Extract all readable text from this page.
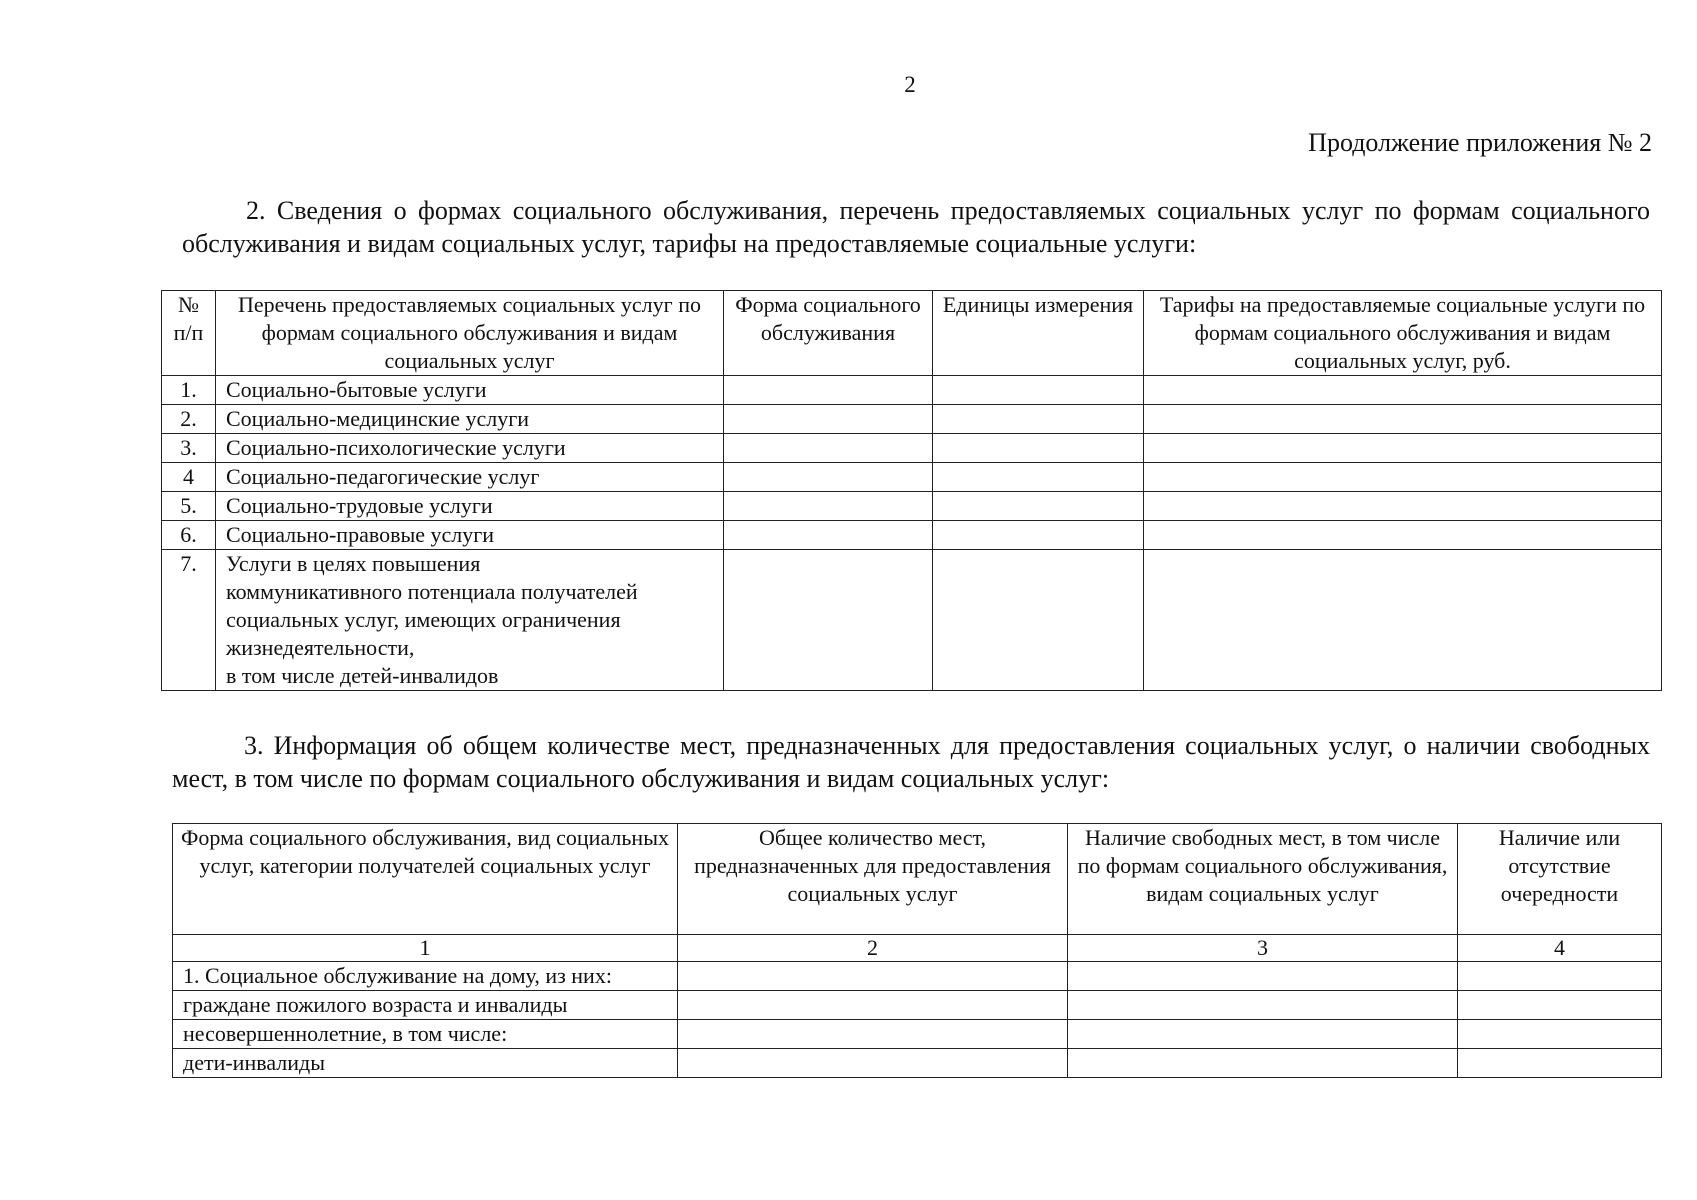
2
Продолжение приложения № 2
2. Сведения о формах социального обслуживания, перечень предоставляемых социальных услуг по формам социального обслуживания и видам социальных услуг, тарифы на предоставляемые социальные услуги:
№ п/п	Перечень предоставляемых социальных услуг по формам социального обслуживания и видам социальных услуг	Форма социального обслуживания	Единицы измерения	Тарифы на предоставляемые социальные услуги по формам социального обслуживания и видам социальных услуг, руб.
1.	Социально-бытовые услуги			
2.	Социально-медицинские услуги			
3.	Социально-психологические услуги			
4	Социально-педагогические услуг			
5.	Социально-трудовые услуги			
6.	Социально-правовые услуги			
7.	Услуги в целях повышения
коммуникативного потенциала получателей
социальных услуг, имеющих ограничения
жизнедеятельности,
в том числе детей-инвалидов			

3. Информация об общем количестве мест, предназначенных для предоставления социальных услуг, о наличии свободных мест, в том числе по формам социального обслуживания и видам социальных услуг:
Форма социального обслуживания, вид социальных услуг, категории получателей социальных услуг	Общее количество мест, предназначенных для предоставления социальных услуг	Наличие свободных мест, в том числе по формам социального обслуживания, видам социальных услуг	Наличие или отсутствие очередности
1	2	3	4
1. Социальное обслуживание на дому, из них:			
граждане пожилого возраста и инвалиды			
несовершеннолетние, в том числе:			
дети-инвалиды			
